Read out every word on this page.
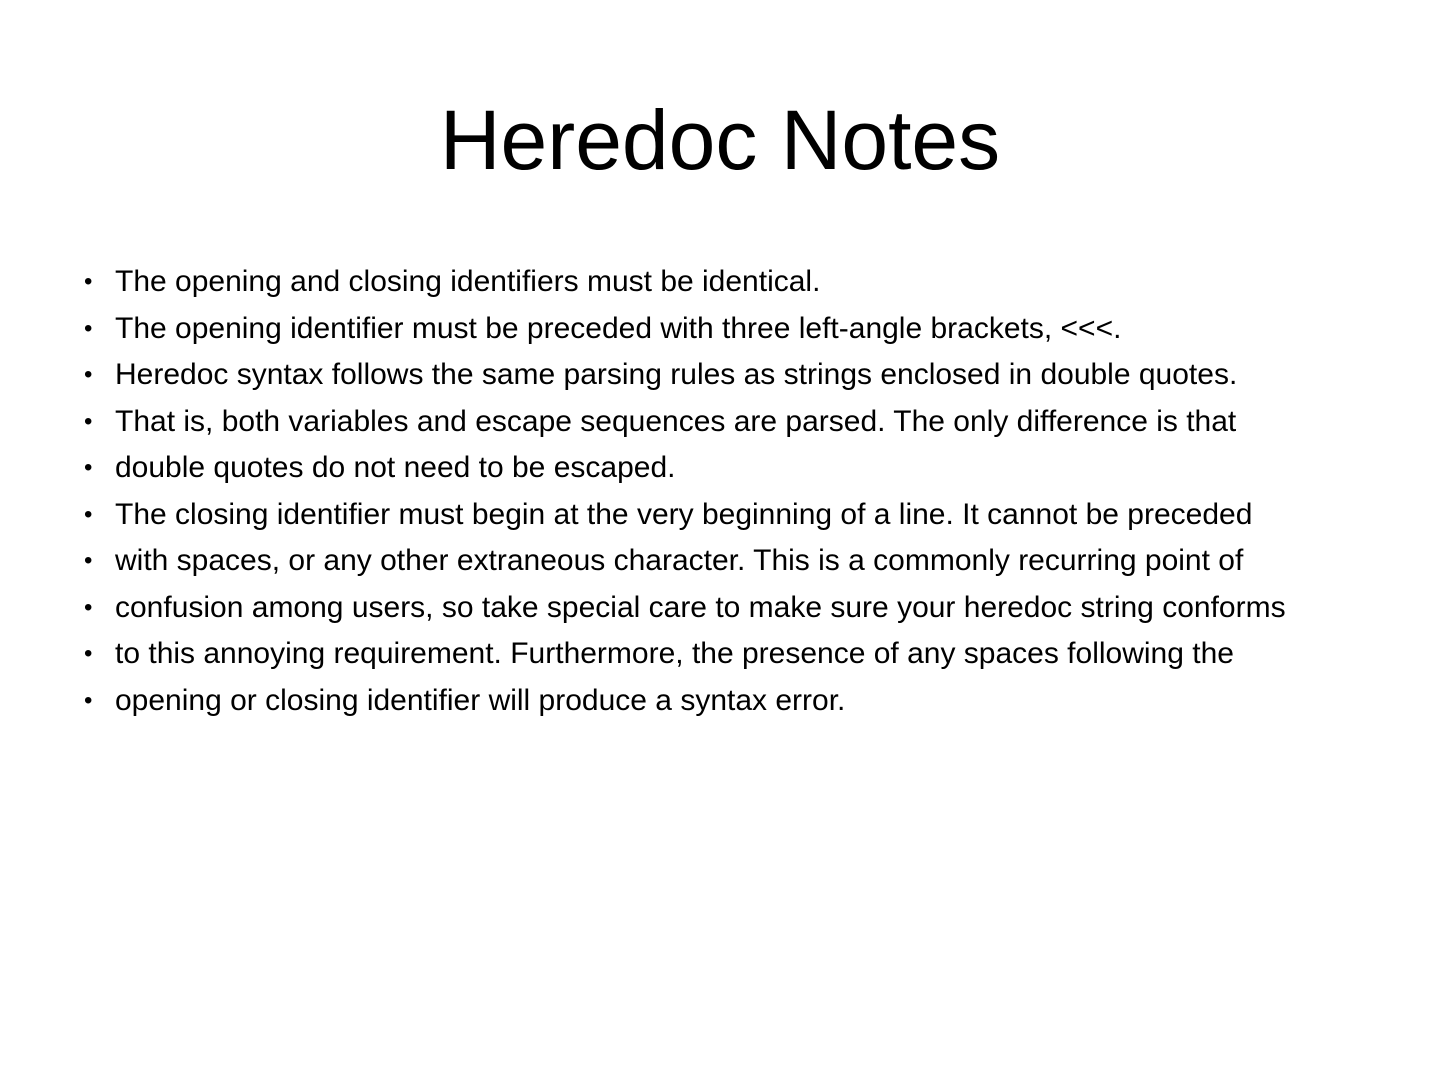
Heredoc Notes
• The opening and closing identifiers must be identical.
• The opening identifier must be preceded with three left-angle brackets, <<<.
• Heredoc syntax follows the same parsing rules as strings enclosed in double quotes.
• That is, both variables and escape sequences are parsed. The only difference is that
• double quotes do not need to be escaped.
• The closing identifier must begin at the very beginning of a line. It cannot be preceded
• with spaces, or any other extraneous character. This is a commonly recurring point of
• confusion among users, so take special care to make sure your heredoc string conforms
• to this annoying requirement. Furthermore, the presence of any spaces following the
• opening or closing identifier will produce a syntax error.
